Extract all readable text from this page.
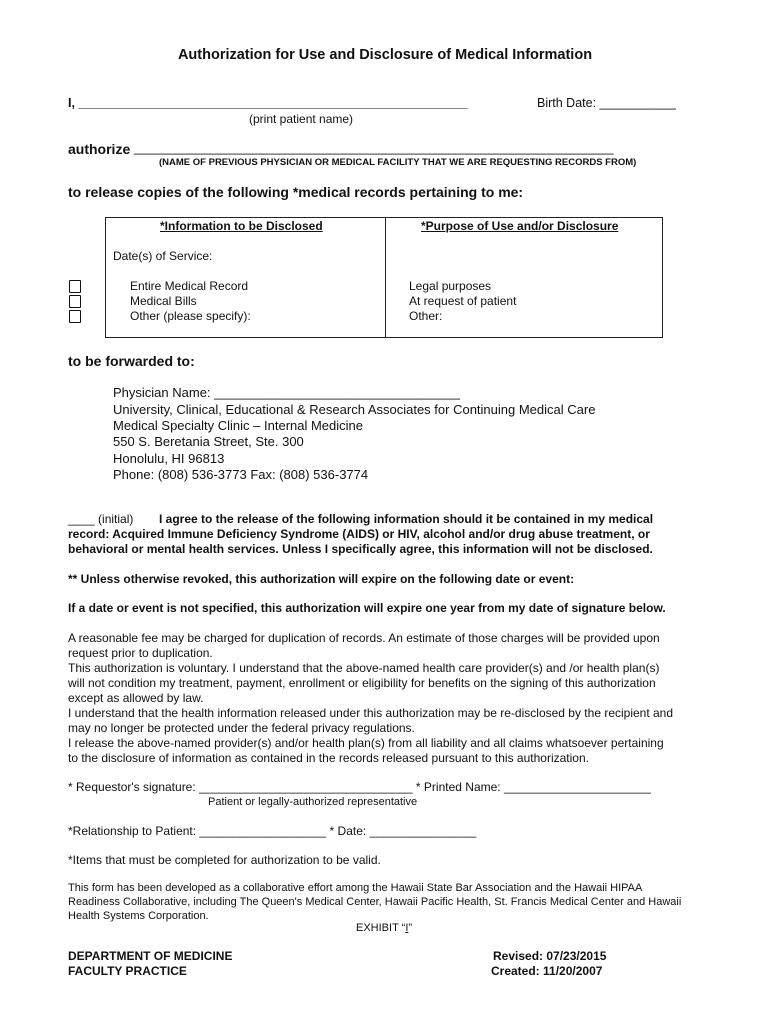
Authorization for Use and Disclosure of Medical Information
I, ________________________________________________________	Birth Date: ___________
(print patient name)
authorize _____________________________________________________________________
(NAME OF PREVIOUS PHYSICIAN OR MEDICAL FACILITY THAT WE ARE REQUESTING RECORDS FROM)
to release copies of the following *medical records pertaining to me:
*Information to be Disclosed	*Purpose of Use and/or Disclosure
Date(s) of Service:
Entire Medical Record
Medical Bills
Other (please specify):
Legal purposes
At request of patient
Other:
to be forwarded to:
Physician Name: __________________________________
University, Clinical, Educational & Research Associates for Continuing Medical Care
Medical Specialty Clinic – Internal Medicine
550 S. Beretania Street, Ste. 300
Honolulu, HI 96813
Phone: (808) 536-3773 Fax: (808) 536-3774
____ (initial) I agree to the release of the following information should it be contained in my medical
record: Acquired Immune Deficiency Syndrome (AIDS) or HIV, alcohol and/or drug abuse treatment, or
behavioral or mental health services. Unless I specifically agree, this information will not be disclosed.
** Unless otherwise revoked, this authorization will expire on the following date or event:
If a date or event is not specified, this authorization will expire one year from my date of signature below.
A reasonable fee may be charged for duplication of records. An estimate of those charges will be provided upon
request prior to duplication.
This authorization is voluntary. I understand that the above-named health care provider(s) and /or health plan(s)
will not condition my treatment, payment, enrollment or eligibility for benefits on the signing of this authorization
except as allowed by law.
I understand that the health information released under this authorization may be re-disclosed by the recipient and
may no longer be protected under the federal privacy regulations.
I release the above-named provider(s) and/or health plan(s) from all liability and all claims whatsoever pertaining
to the disclosure of information as contained in the records released pursuant to this authorization.
* Requestor's signature: ________________________________ * Printed Name: ______________________
Patient or legally-authorized representative
*Relationship to Patient: ___________________ * Date: ________________
*Items that must be completed for authorization to be valid.
This form has been developed as a collaborative effort among the Hawaii State Bar Association and the Hawaii HIPAA
Readiness Collaborative, including The Queen's Medical Center, Hawaii Pacific Health, St. Francis Medical Center and Hawaii
Health Systems Corporation.
EXHIBIT “I”
DEPARTMENT OF MEDICINE
FACULTY PRACTICE
Revised: 07/23/2015
Created: 11/20/2007
